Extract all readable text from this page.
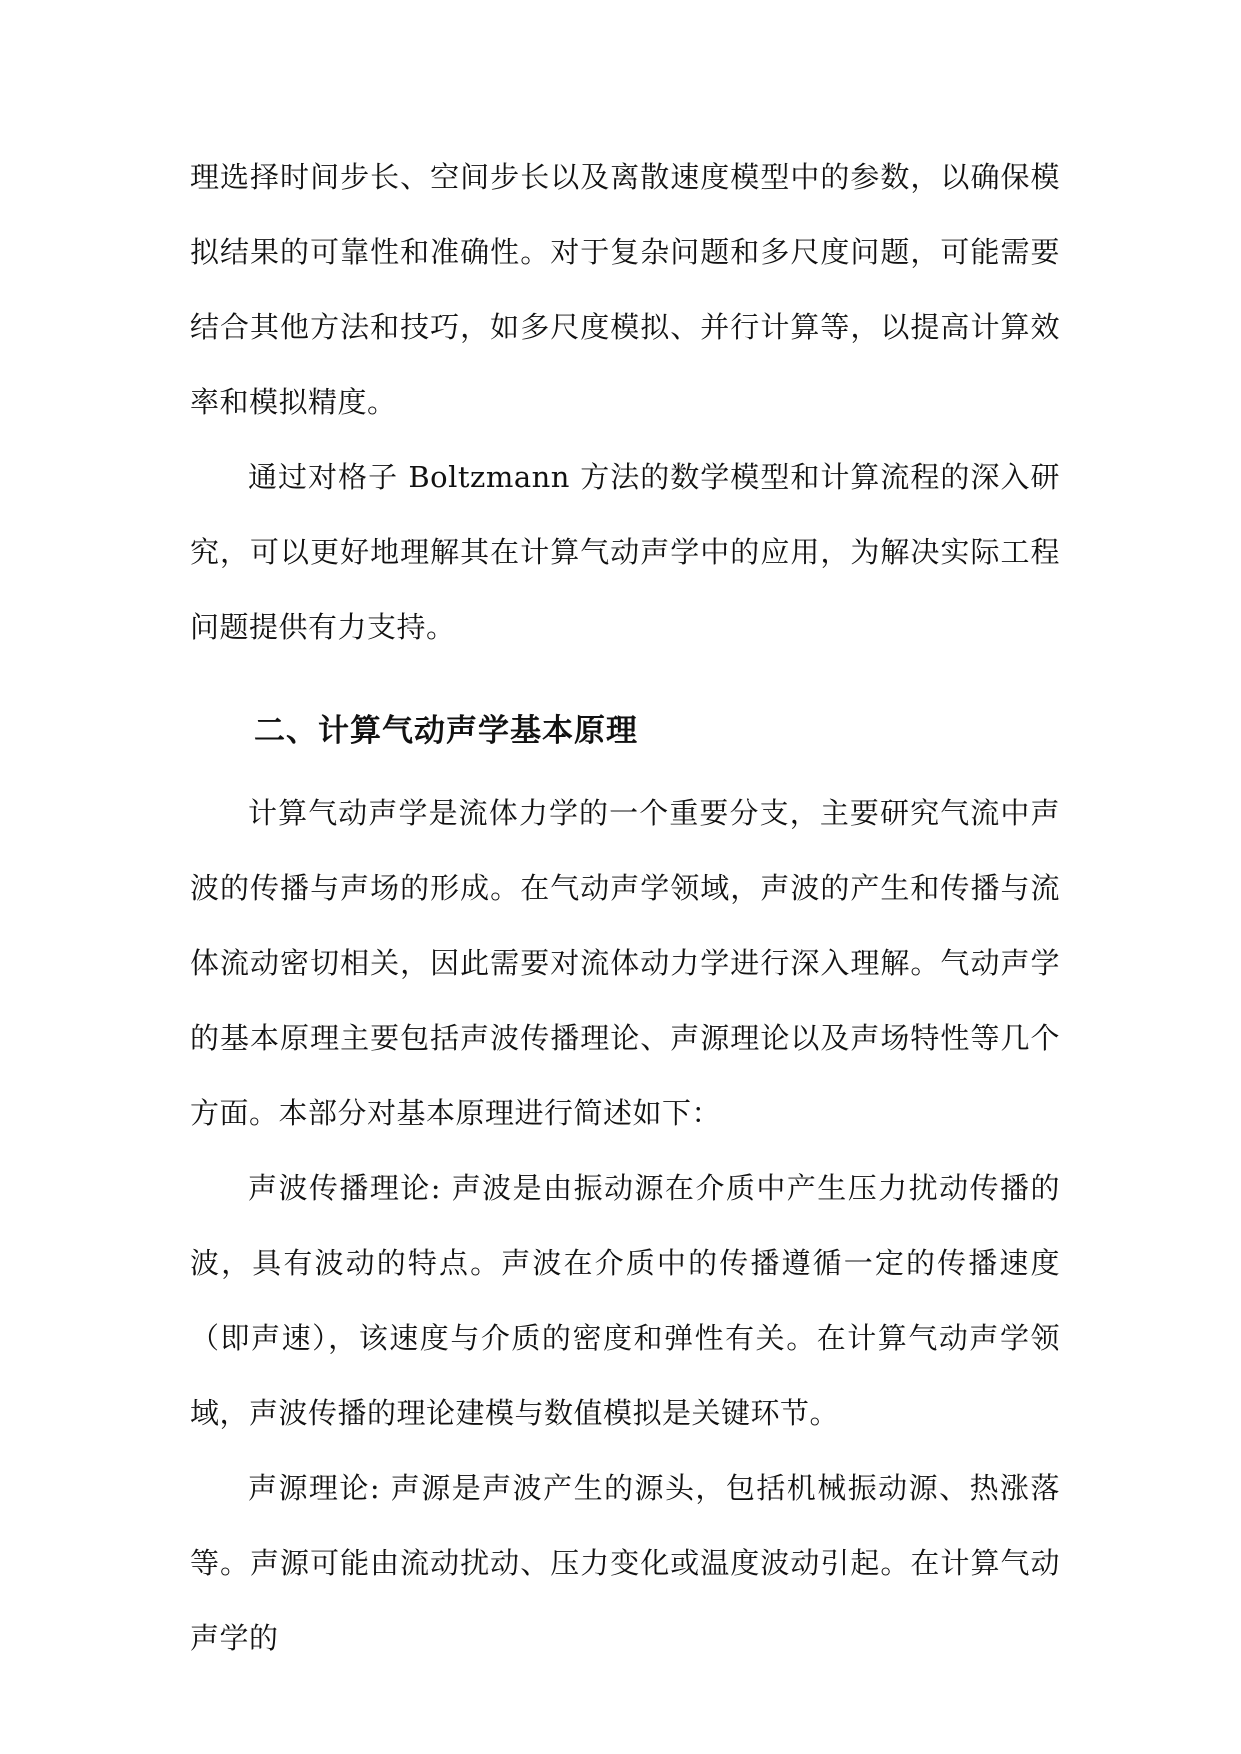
理选择时间步长、空间步长以及离散速度模型中的参数，以确保模拟结果的可靠性和准确性。对于复杂问题和多尺度问题，可能需要结合其他方法和技巧，如多尺度模拟、并行计算等，以提高计算效率和模拟精度。

通过对格子 Boltzmann 方法的数学模型和计算流程的深入研究，可以更好地理解其在计算气动声学中的应用，为解决实际工程问题提供有力支持。

二、计算气动声学基本原理

计算气动声学是流体力学的一个重要分支，主要研究气流中声波的传播与声场的形成。在气动声学领域，声波的产生和传播与流体流动密切相关，因此需要对流体动力学进行深入理解。气动声学的基本原理主要包括声波传播理论、声源理论以及声场特性等几个方面。本部分对基本原理进行简述如下：

声波传播理论: 声波是由振动源在介质中产生压力扰动传播的波，具有波动的特点。声波在介质中的传播遵循一定的传播速度（即声速），该速度与介质的密度和弹性有关。在计算气动声学领域，声波传播的理论建模与数值模拟是关键环节。

声源理论: 声源是声波产生的源头，包括机械振动源、热涨落等。声源可能由流动扰动、压力变化或温度波动引起。在计算气动声学的
